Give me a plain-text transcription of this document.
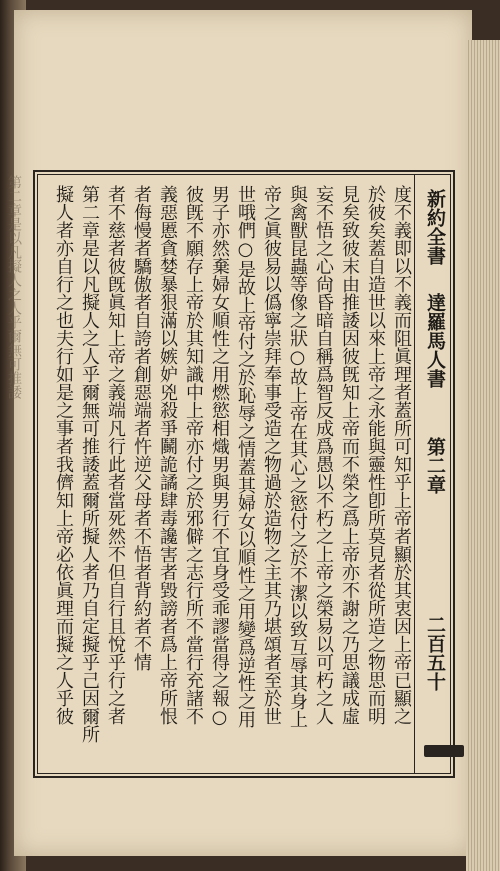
第二章是以凡擬人之人乎爾無可推諉	新約全書
達羅馬人書
第二章
二百五十
度不義即以不義而阻眞理者蓋所可知乎上帝者顯於其衷因上帝已顯之
於彼矣蓋自造世以來上帝之永能與靈性卽所莫見者從所造之物思而明
見矣致彼末由推諉因彼旣知上帝而不榮之爲上帝亦不謝之乃思議成虛
妄不悟之心尙昏暗自稱爲智反成爲愚以不朽之上帝之榮易以可朽之人
與禽獸昆蟲等像之狀○故上帝在其心之慾付之於不潔以致互辱其身上
帝之眞彼易以僞寧崇拜奉事受造之物過於造物之主其乃堪頌者至於世
世哦們○是故上帝付之於恥辱之情蓋其婦女以順性之用變爲逆性之用
男子亦然棄婦女順性之用燃慾相熾男與男行不宜身受乖謬當得之報○
彼旣不願存上帝於其知識中上帝亦付之於邪僻之志行所不當行充諸不
義惡慝貪婪暴狠滿以嫉妒兇殺爭鬭詭譎肆毒讒害者毀謗者爲上帝所恨
者侮慢者驕傲者自誇者創惡端者忤逆父母者不悟者背約者不情
者不慈者彼旣眞知上帝之義端凡行此者當死然不但自行且悅乎行之者
第二章是以凡擬人之人乎爾無可推諉蓋爾所擬人者乃自定擬乎己因爾所
擬人者亦自行之也夫行如是之事者我儕知上帝必依眞理而擬之人乎彼
